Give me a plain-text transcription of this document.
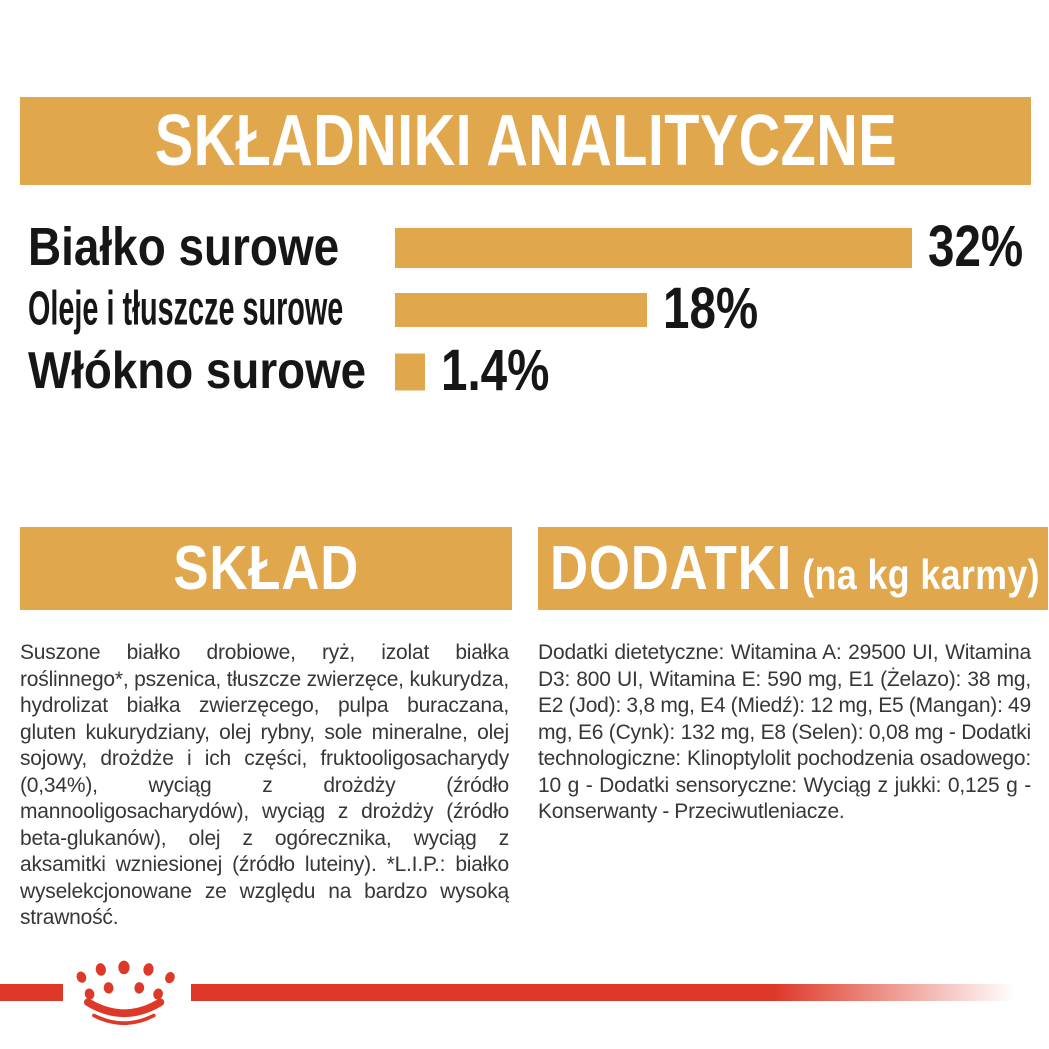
SKŁADNIKI ANALITYCZNE
Białko surowe	32%
Oleje i tłuszcze surowe	18%
Włókno surowe 1.4%
SKŁAD

Suszone białko drobiowe, ryż, izolat białka roślinnego*, pszenica, tłuszcze zwierzęce, kukurydza, hydrolizat białka zwierzęcego, pulpa buraczana, gluten kukurydziany, olej rybny, sole mineralne, olej sojowy, drożdże i ich części, fruktooligosacharydy (0,34%), wyciąg z drożdży (źródło mannooligosacharydów), wyciąg z drożdży (źródło beta-glukanów), olej z ogórecznika, wyciąg z aksamitki wzniesionej (źródło luteiny). *L.I.P.: białko wyselekcjonowane ze względu na bardzo wysoką strawność.

DODATKI (na kg karmy)

Dodatki dietetyczne: Witamina A: 29500 UI, Witamina D3: 800 UI, Witamina E: 590 mg, E1 (Żelazo): 38 mg, E2 (Jod): 3,8 mg, E4 (Miedź): 12 mg, E5 (Mangan): 49 mg, E6 (Cynk): 132 mg, E8 (Selen): 0,08 mg - Dodatki technologiczne: Klinoptylolit pochodzenia osadowego: 10 g - Dodatki sensoryczne: Wyciąg z jukki: 0,125 g - Konserwanty - Przeciwutleniacze.
